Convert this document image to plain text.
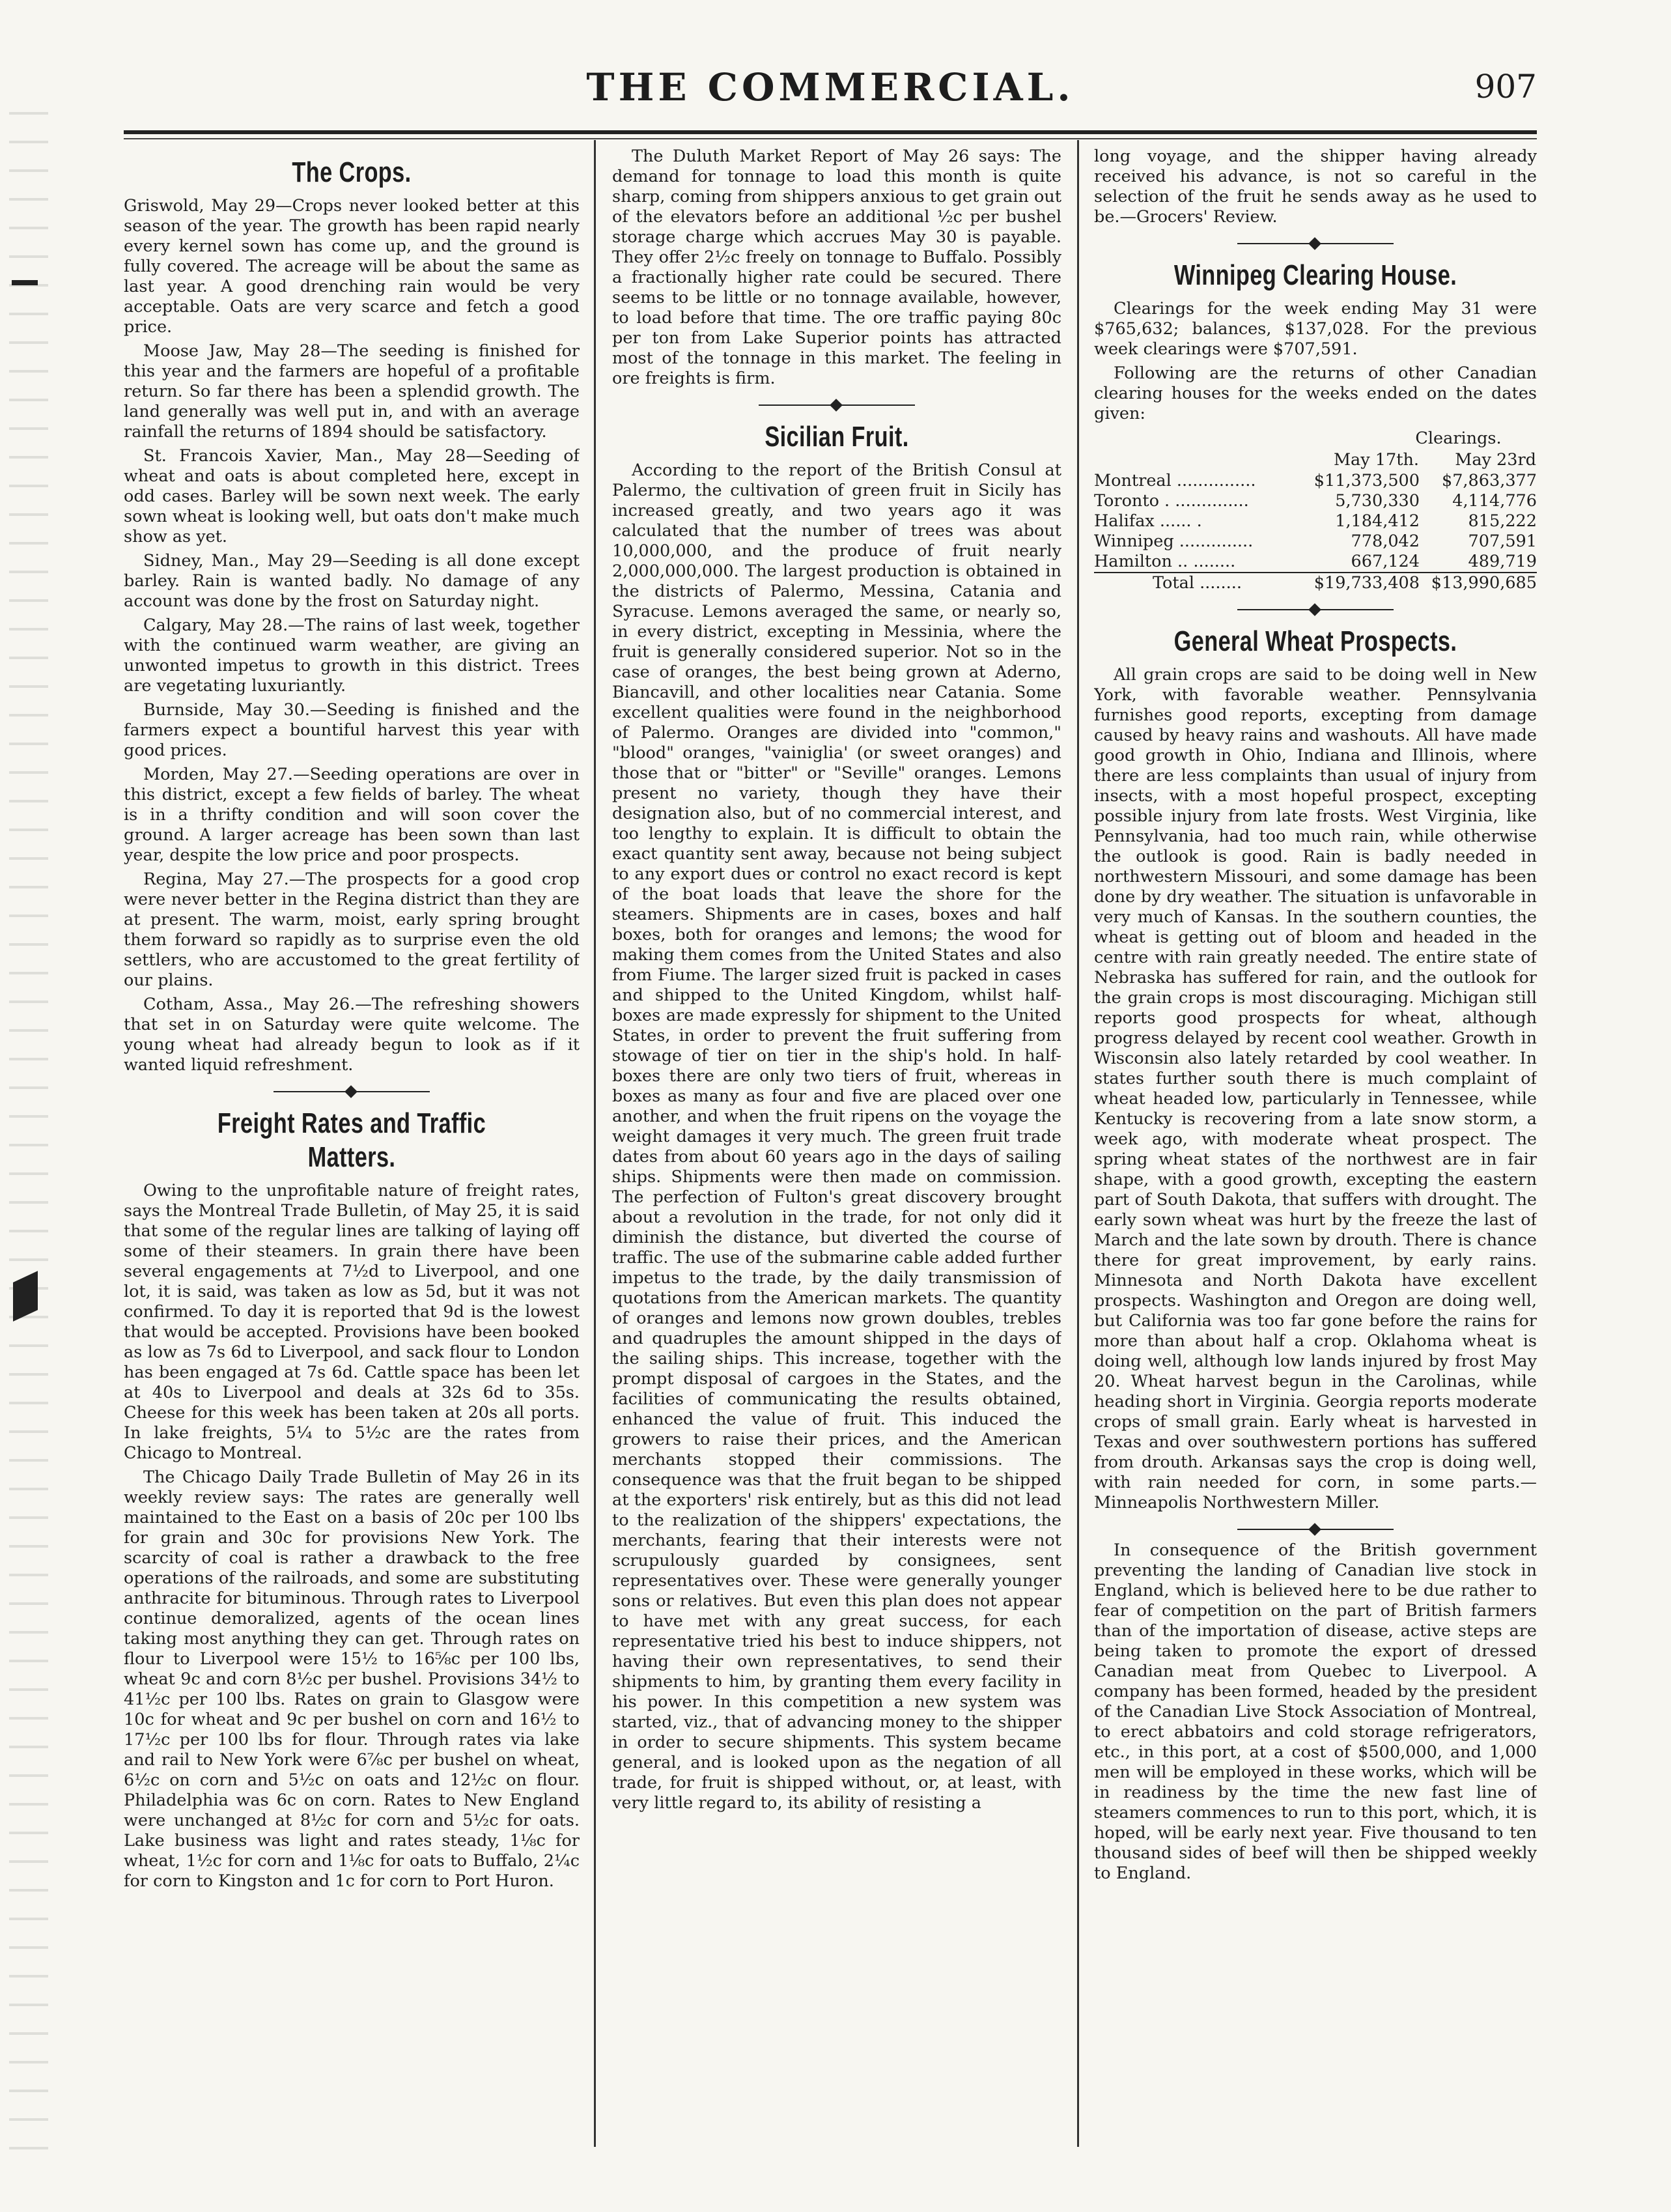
THE COMMERCIAL.	907
The Crops.

Griswold, May 29—Crops never looked better at this season of the year. The growth has been rapid nearly every kernel sown has come up, and the ground is fully covered. The acreage will be about the same as last year. A good drenching rain would be very acceptable. Oats are very scarce and fetch a good price.

Moose Jaw, May 28—The seeding is finished for this year and the farmers are hopeful of a profitable return. So far there has been a splendid growth. The land generally was well put in, and with an average rainfall the returns of 1894 should be satisfactory.

St. Francois Xavier, Man., May 28—Seeding of wheat and oats is about completed here, except in odd cases. Barley will be sown next week. The early sown wheat is looking well, but oats don't make much show as yet.

Sidney, Man., May 29—Seeding is all done except barley. Rain is wanted badly. No damage of any account was done by the frost on Saturday night.

Calgary, May 28.—The rains of last week, together with the continued warm weather, are giving an unwonted impetus to growth in this district. Trees are vegetating luxuriantly.

Burnside, May 30.—Seeding is finished and the farmers expect a bountiful harvest this year with good prices.

Morden, May 27.—Seeding operations are over in this district, except a few fields of barley. The wheat is in a thrifty condition and will soon cover the ground. A larger acreage has been sown than last year, despite the low price and poor prospects.

Regina, May 27.—The prospects for a good crop were never better in the Regina district than they are at present. The warm, moist, early spring brought them forward so rapidly as to surprise even the old settlers, who are accustomed to the great fertility of our plains.

Cotham, Assa., May 26.—The refreshing showers that set in on Saturday were quite welcome. The young wheat had already begun to look as if it wanted liquid refreshment.

Freight Rates and Traffic Matters.

Owing to the unprofitable nature of freight rates, says the Montreal Trade Bulletin, of May 25, it is said that some of the regular lines are talking of laying off some of their steamers. In grain there have been several engagements at 7½d to Liverpool, and one lot, it is said, was taken as low as 5d, but it was not confirmed. To day it is reported that 9d is the lowest that would be accepted. Provisions have been booked as low as 7s 6d to Liverpool, and sack flour to London has been engaged at 7s 6d. Cattle space has been let at 40s to Liverpool and deals at 32s 6d to 35s. Cheese for this week has been taken at 20s all ports. In lake freights, 5¼ to 5½c are the rates from Chicago to Montreal.

The Chicago Daily Trade Bulletin of May 26 in its weekly review says: The rates are generally well maintained to the East on a basis of 20c per 100 lbs for grain and 30c for provisions New York. The scarcity of coal is rather a drawback to the free operations of the railroads, and some are substituting anthracite for bituminous. Through rates to Liverpool continue demoralized, agents of the ocean lines taking most anything they can get. Through rates on flour to Liverpool were 15½ to 16⅝c per 100 lbs, wheat 9c and corn 8½c per bushel. Provisions 34½ to 41½c per 100 lbs. Rates on grain to Glasgow were 10c for wheat and 9c per bushel on corn and 16½ to 17½c per 100 lbs for flour. Through rates via lake and rail to New York were 6⅞c per bushel on wheat, 6½c on corn and 5½c on oats and 12½c on flour. Philadelphia was 6c on corn. Rates to New England were unchanged at 8½c for corn and 5½c for oats. Lake business was light and rates steady, 1⅛c for wheat, 1½c for corn and 1⅛c for oats to Buffalo, 2¼c for corn to Kingston and 1c for corn to Port Huron.

The Duluth Market Report of May 26 says: The demand for tonnage to load this month is quite sharp, coming from shippers anxious to get grain out of the elevators before an additional ½c per bushel storage charge which accrues May 30 is payable. They offer 2½c freely on tonnage to Buffalo. Possibly a fractionally higher rate could be secured. There seems to be little or no tonnage available, however, to load before that time. The ore traffic paying 80c per ton from Lake Superior points has attracted most of the tonnage in this market. The feeling in ore freights is firm.

Sicilian Fruit.

According to the report of the British Consul at Palermo, the cultivation of green fruit in Sicily has increased greatly, and two years ago it was calculated that the number of trees was about 10,000,000, and the produce of fruit nearly 2,000,000,000. The largest production is obtained in the districts of Palermo, Messina, Catania and Syracuse. Lemons averaged the same, or nearly so, in every district, excepting in Messinia, where the fruit is generally considered superior. Not so in the case of oranges, the best being grown at Aderno, Biancavill, and other localities near Catania. Some excellent qualities were found in the neighborhood of Palermo. Oranges are divided into "common," "blood" oranges, "vainiglia' (or sweet oranges) and those that or "bitter" or "Seville" oranges. Lemons present no variety, though they have their designation also, but of no commercial interest, and too lengthy to explain. It is difficult to obtain the exact quantity sent away, because not being subject to any export dues or control no exact record is kept of the boat loads that leave the shore for the steamers. Shipments are in cases, boxes and half boxes, both for oranges and lemons; the wood for making them comes from the United States and also from Fiume. The larger sized fruit is packed in cases and shipped to the United Kingdom, whilst half-boxes are made expressly for shipment to the United States, in order to prevent the fruit suffering from stowage of tier on tier in the ship's hold. In half-boxes there are only two tiers of fruit, whereas in boxes as many as four and five are placed over one another, and when the fruit ripens on the voyage the weight damages it very much. The green fruit trade dates from about 60 years ago in the days of sailing ships. Shipments were then made on commission. The perfection of Fulton's great discovery brought about a revolution in the trade, for not only did it diminish the distance, but diverted the course of traffic. The use of the submarine cable added further impetus to the trade, by the daily transmission of quotations from the American markets. The quantity of oranges and lemons now grown doubles, trebles and quadruples the amount shipped in the days of the sailing ships. This increase, together with the prompt disposal of cargoes in the States, and the facilities of communicating the results obtained, enhanced the value of fruit. This induced the growers to raise their prices, and the American merchants stopped their commissions. The consequence was that the fruit began to be shipped at the exporters' risk entirely, but as this did not lead to the realization of the shippers' expectations, the merchants, fearing that their interests were not scrupulously guarded by consignees, sent representatives over. These were generally younger sons or relatives. But even this plan does not appear to have met with any great success, for each representative tried his best to induce shippers, not having their own representatives, to send their shipments to him, by granting them every facility in his power. In this competition a new system was started, viz., that of advancing money to the shipper in order to secure shipments. This system became general, and is looked upon as the negation of all trade, for fruit is shipped without, or, at least, with very little regard to, its ability of resisting a

long voyage, and the shipper having already received his advance, is not so careful in the selection of the fruit he sends away as he used to be.—Grocers' Review.

Winnipeg Clearing House.

Clearings for the week ending May 31 were $765,632; balances, $137,028. For the previous week clearings were $707,591.

Following are the returns of other Canadian clearing houses for the weeks ended on the dates given:

	Clearings.	
	May 17th.	May 23rd
Montreal ...............	$11,373,500	$7,863,377
Toronto . ..............	5,730,330	4,114,776
Halifax ...... .	1,184,412	815,222
Winnipeg ..............	778,042	707,591
Hamilton .. ........	667,124	489,719
Total ........	$19,733,408	$13,990,685
General Wheat Prospects.

All grain crops are said to be doing well in New York, with favorable weather. Pennsylvania furnishes good reports, excepting from damage caused by heavy rains and washouts. All have made good growth in Ohio, Indiana and Illinois, where there are less complaints than usual of injury from insects, with a most hopeful prospect, excepting possible injury from late frosts. West Virginia, like Pennsylvania, had too much rain, while otherwise the outlook is good. Rain is badly needed in northwestern Missouri, and some damage has been done by dry weather. The situation is unfavorable in very much of Kansas. In the southern counties, the wheat is getting out of bloom and headed in the centre with rain greatly needed. The entire state of Nebraska has suffered for rain, and the outlook for the grain crops is most discouraging. Michigan still reports good prospects for wheat, although progress delayed by recent cool weather. Growth in Wisconsin also lately retarded by cool weather. In states further south there is much complaint of wheat headed low, particularly in Tennessee, while Kentucky is recovering from a late snow storm, a week ago, with moderate wheat prospect. The spring wheat states of the northwest are in fair shape, with a good growth, excepting the eastern part of South Dakota, that suffers with drought. The early sown wheat was hurt by the freeze the last of March and the late sown by drouth. There is chance there for great improvement, by early rains. Minnesota and North Dakota have excellent prospects. Washington and Oregon are doing well, but California was too far gone before the rains for more than about half a crop. Oklahoma wheat is doing well, although low lands injured by frost May 20. Wheat harvest begun in the Carolinas, while heading short in Virginia. Georgia reports moderate crops of small grain. Early wheat is harvested in Texas and over southwestern portions has suffered from drouth. Arkansas says the crop is doing well, with rain needed for corn, in some parts.—Minneapolis Northwestern Miller.

In consequence of the British government preventing the landing of Canadian live stock in England, which is believed here to be due rather to fear of competition on the part of British farmers than of the importation of disease, active steps are being taken to promote the export of dressed Canadian meat from Quebec to Liverpool. A company has been formed, headed by the president of the Canadian Live Stock Association of Montreal, to erect abbatoirs and cold storage refrigerators, etc., in this port, at a cost of $500,000, and 1,000 men will be employed in these works, which will be in readiness by the time the new fast line of steamers commences to run to this port, which, it is hoped, will be early next year. Five thousand to ten thousand sides of beef will then be shipped weekly to England.
